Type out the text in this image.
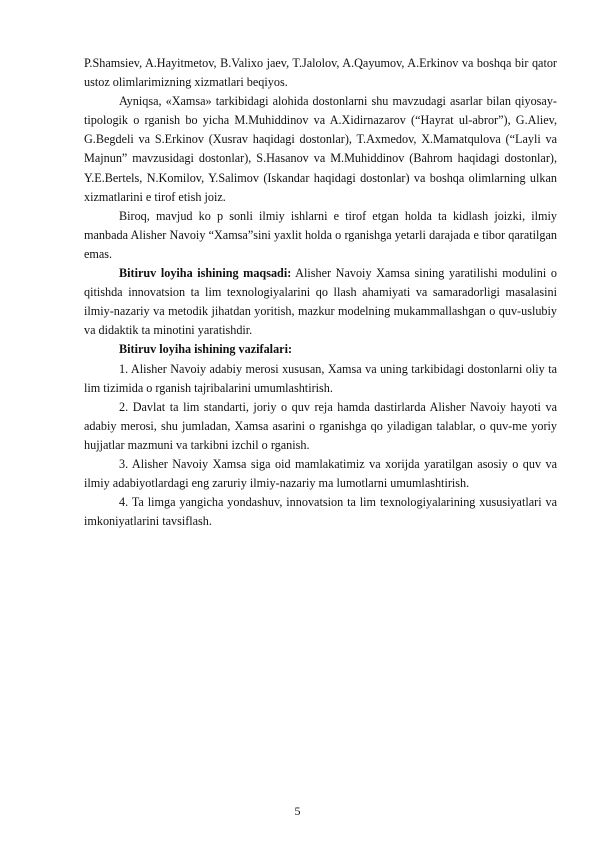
P.Shamsiev, A.Hayitmetov, B.Valixo jaev, T.Jalolov, A.Qayumov, A.Erkinov va boshqa bir qator ustoz olimlarimizning xizmatlari beqiyos.

Ayniqsa, «Xamsa» tarkibidagi alohida dostonlarni shu mavzudagi asarlar bilan qiyosay-tipologik o rganish bo yicha M.Muhiddinov va A.Xidirnazarov (“Hayrat ul-abror”), G.Aliev, G.Begdeli va S.Erkinov (Xusrav haqidagi dostonlar), T.Axmedov, X.Mamatqulova (“Layli va Majnun” mavzusidagi dostonlar), S.Hasanov va M.Muhiddinov (Bahrom haqidagi dostonlar), Y.E.Bertels, N.Komilov, Y.Salimov (Iskandar haqidagi dostonlar) va boshqa olimlarning ulkan xizmatlarini e tirof etish joiz.

Biroq, mavjud ko p sonli ilmiy ishlarni e tirof etgan holda ta kidlash joizki, ilmiy manbada Alisher Navoiy “Xamsa”sini yaxlit holda o rganishga yetarli darajada e tibor qaratilgan emas.

Bitiruv loyiha ishining maqsadi: Alisher Navoiy Xamsa sining yaratilishi modulini o qitishda innovatsion ta lim texnologiyalarini qo llash ahamiyati va samaradorligi masalasini ilmiy-nazariy va metodik jihatdan yoritish, mazkur modelning mukammallashgan o quv-uslubiy va didaktik ta minotini yaratishdir.

Bitiruv loyiha ishining vazifalari:

1. Alisher Navoiy adabiy merosi xususan, Xamsa va uning tarkibidagi dostonlarni oliy ta lim tizimida o rganish tajribalarini umumlashtirish.

2. Davlat ta lim standarti, joriy o quv reja hamda dastirlarda Alisher Navoiy hayoti va adabiy merosi, shu jumladan, Xamsa asarini o rganishga qo yiladigan talablar, o quv-me yoriy hujjatlar mazmuni va tarkibni izchil o rganish.

3. Alisher Navoiy Xamsa siga oid mamlakatimiz va xorijda yaratilgan asosiy o quv va ilmiy adabiyotlardagi eng zaruriy ilmiy-nazariy ma lumotlarni umumlashtirish.

4. Ta limga yangicha yondashuv, innovatsion ta lim texnologiyalarining xususiyatlari va imkoniyatlarini tavsiflash.

5
